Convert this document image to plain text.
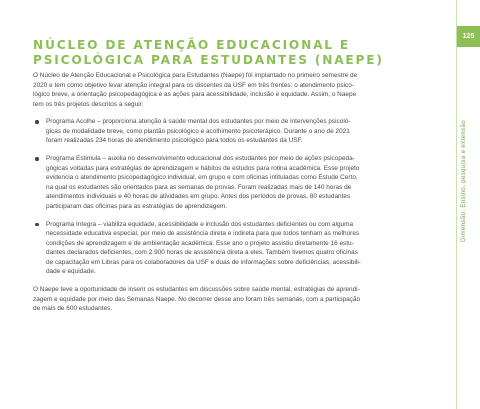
125
Dimensão: Ensino, pesquisa e extensão
NÚCLEO DE ATENÇÃO EDUCACIONAL E
PSICOLÓGICA PARA ESTUDANTES (NAEPE)
O Núcleo de Atenção Educacional e Psicológica para Estudantes (Naepe) foi implantado no primeiro semestre de
2020 e tem como objetivo levar atenção integral para os discentes da USF em três frentes: o atendimento psico-
lógico breve, a orientação psicopedagógica e as ações para acessibilidade, inclusão e equidade. Assim, o Naepe
tem os três projetos descritos a seguir:
Programa Acolhe – proporciona atenção à saúde mental dos estudantes por meio de intervenções psicoló-
gicas de modalidade breve, como plantão psicológico e acolhimento psicoterápico. Durante o ano de 2021
foram realizadas 234 horas de atendimento psicológico para todos os estudantes da USF.
Programa Estimula – auxilia no desenvolvimento educacional dos estudantes por meio de ações psicopeda-
gógicas voltadas para estratégias de aprendizagem e hábitos de estudos para rotina acadêmica. Esse projeto
evidencia o atendimento psicopedagógico individual, em grupo e com oficinas intituladas como Estude Certo,
na qual os estudantes são orientados para as semanas de provas. Foram realizadas mais de 140 horas de
atendimentos individuais e 40 horas de atividades em grupo. Antes dos períodos de provas, 80 estudantes
participaram das oficinas para as estratégias de aprendizagem.
Programa Integra – viabiliza equidade, acessibilidade e inclusão dos estudantes deficientes ou com alguma
necessidade educativa especial, por meio de assistência direta e indireta para que todos tenham as melhores
condições de aprendizagem e de ambientação acadêmica. Esse ano o projeto assistiu diretamente 16 estu-
dantes declarados deficientes, com 2.900 horas de assistência direta a eles. Também tivemos quatro oficinas
de capacitação em Libras para os colaboradores da USF e duas de informações sobre deficiências, acessibili-
dade e equidade.
O Naepe teve a oportunidade de inserir os estudantes em discussões sobre saúde mental, estratégias de aprendi-
zagem e equidade por meio das Semanas Naepe. No decorrer desse ano foram três semanas, com a participação
de mais de 600 estudantes.
